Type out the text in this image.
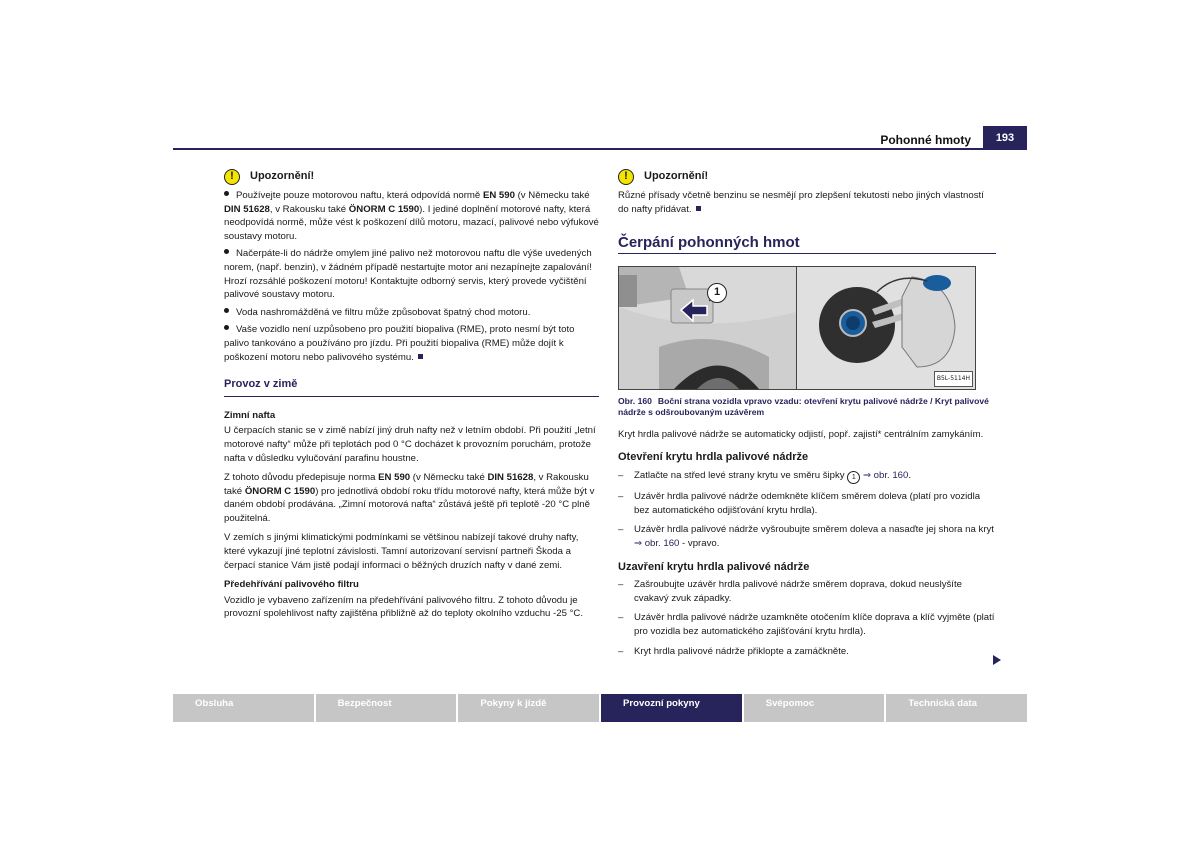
Pohonné hmoty	193
!	Upozornění!
Používejte pouze motorovou naftu, která odpovídá normě EN 590 (v Německu také DIN 51628, v Rakousku také ÖNORM C 1590). I jediné doplnění motorové nafty, která neodpovídá normě, může vést k poškození dílů motoru, mazací, palivové nebo výfukové soustavy motoru.
Načerpáte-li do nádrže omylem jiné palivo než motorovou naftu dle výše uvedených norem, (např. benzin), v žádném případě nestartujte motor ani nezapínejte zapalování! Hrozí rozsáhlé poškození motoru! Kontaktujte odborný servis, který provede vyčištění palivové soustavy motoru.
Voda nashromážděná ve filtru může způsobovat špatný chod motoru.
Vaše vozidlo není uzpůsobeno pro použití biopaliva (RME), proto nesmí být toto palivo tankováno a používáno pro jízdu. Při použití biopaliva (RME) může dojít k poškození motoru nebo palivového systému.
Provoz v zimě
Zimní nafta

U čerpacích stanic se v zimě nabízí jiný druh nafty než v letním období. Při použití „letní motorové nafty“ může při teplotách pod 0 °C docházet k provozním poruchám, protože nafta v důsledku vylučování parafinu houstne.

Z tohoto důvodu předepisuje norma EN 590 (v Německu také DIN 51628, v Rakousku také ÖNORM C 1590) pro jednotlivá období roku třídu motorové nafty, která může být v daném období prodávána. „Zimní motorová nafta“ zůstává ještě při teplotě -20 °C plně použitelná.

V zemích s jinými klimatickými podmínkami se většinou nabízejí takové druhy nafty, které vykazují jiné teplotní závislosti. Tamní autorizovaní servisní partneři Škoda a čerpací stanice Vám jistě podají informaci o běžných druzích nafty v dané zemi.

Předehřívání palivového filtru

Vozidlo je vybaveno zařízením na předehřívání palivového filtru. Z tohoto důvodu je provozní spolehlivost nafty zajištěna přibližně až do teploty okolního vzduchu -25 °C.

!	Upozornění!

Různé přísady včetně benzinu se nesmějí pro zlepšení tekutosti nebo jiných vlastností do nafty přidávat.

Čerpání pohonných hmot
1
B5L-5114H
Obr. 160 Boční strana vozidla vpravo vzadu: otevření krytu palivové nádrže / Kryt palivové nádrže s odšroubovaným uzávěrem

Kryt hrdla palivové nádrže se automaticky odjistí, popř. zajistí* centrálním zamykáním.

Otevření krytu hrdla palivové nádrže
–	Zatlačte na střed levé strany krytu ve směru šipky 1 ⇒ obr. 160.
–	Uzávěr hrdla palivové nádrže odemkněte klíčem směrem doleva (platí pro vozidla bez automatického odjišťování krytu hrdla).
–	Uzávěr hrdla palivové nádrže vyšroubujte směrem doleva a nasaďte jej shora na kryt ⇒ obr. 160 - vpravo.
Uzavření krytu hrdla palivové nádrže
–	Zašroubujte uzávěr hrdla palivové nádrže směrem doprava, dokud neuslyšíte cvakavý zvuk západky.
–	Uzávěr hrdla palivové nádrže uzamkněte otočením klíče doprava a klíč vyjměte (platí pro vozidla bez automatického zajišťování krytu hrdla).
–	Kryt hrdla palivové nádrže přiklopte a zamáčkněte.
Obsluha	Bezpečnost	Pokyny k jízdě	Provozní pokyny	Svépomoc	Technická data
